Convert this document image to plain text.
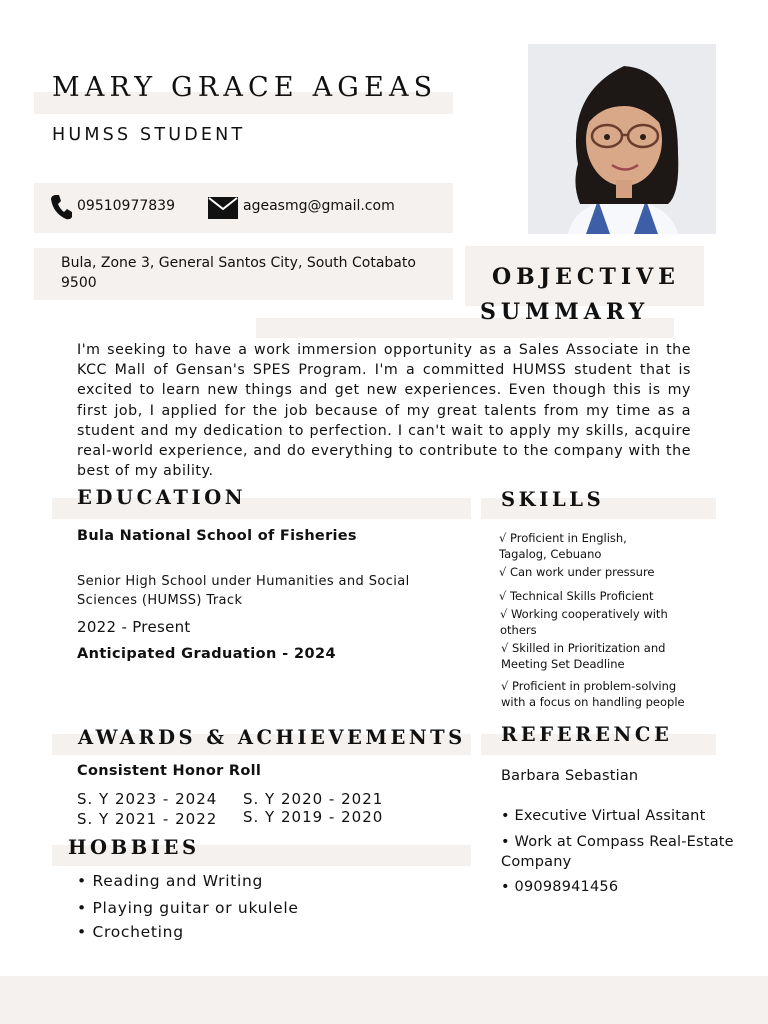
MARY GRACE AGEAS
HUMSS STUDENT
09510977839	ageasmg@gmail.com
Bula, Zone 3, General Santos City, South Cotabato
9500	OBJECTIVE
SUMMARY
I'm seeking to have a work immersion opportunity as a Sales Associate in the KCC Mall of Gensan's SPES Program. I'm a committed HUMSS student that is excited to learn new things and get new experiences. Even though this is my first job, I applied for the job because of my great talents from my time as a student and my dedication to perfection. I can't wait to apply my skills, acquire real-world experience, and do everything to contribute to the company with the best of my ability.
EDUCATION
Bula National School of Fisheries
Senior High School under Humanities and Social
Sciences (HUMSS) Track
2022 - Present
Anticipated Graduation - 2024
SKILLS
√ Proficient in English,
Tagalog, Cebuano
√ Can work under pressure
√ Technical Skills Proficient
√ Working cooperatively with
others
√ Skilled in Prioritization and
Meeting Set Deadline
√ Proficient in problem-solving
with a focus on handling people
AWARDS & ACHIEVEMENTS
Consistent Honor Roll
S. Y 2023 - 2024
S. Y 2021 - 2022
S. Y 2020 - 2021
S. Y 2019 - 2020
HOBBIES
• Reading and Writing
• Playing guitar or ukulele
• Crocheting
REFERENCE
Barbara Sebastian
• Executive Virtual Assitant
• Work at Compass Real-Estate
Company
• 09098941456
